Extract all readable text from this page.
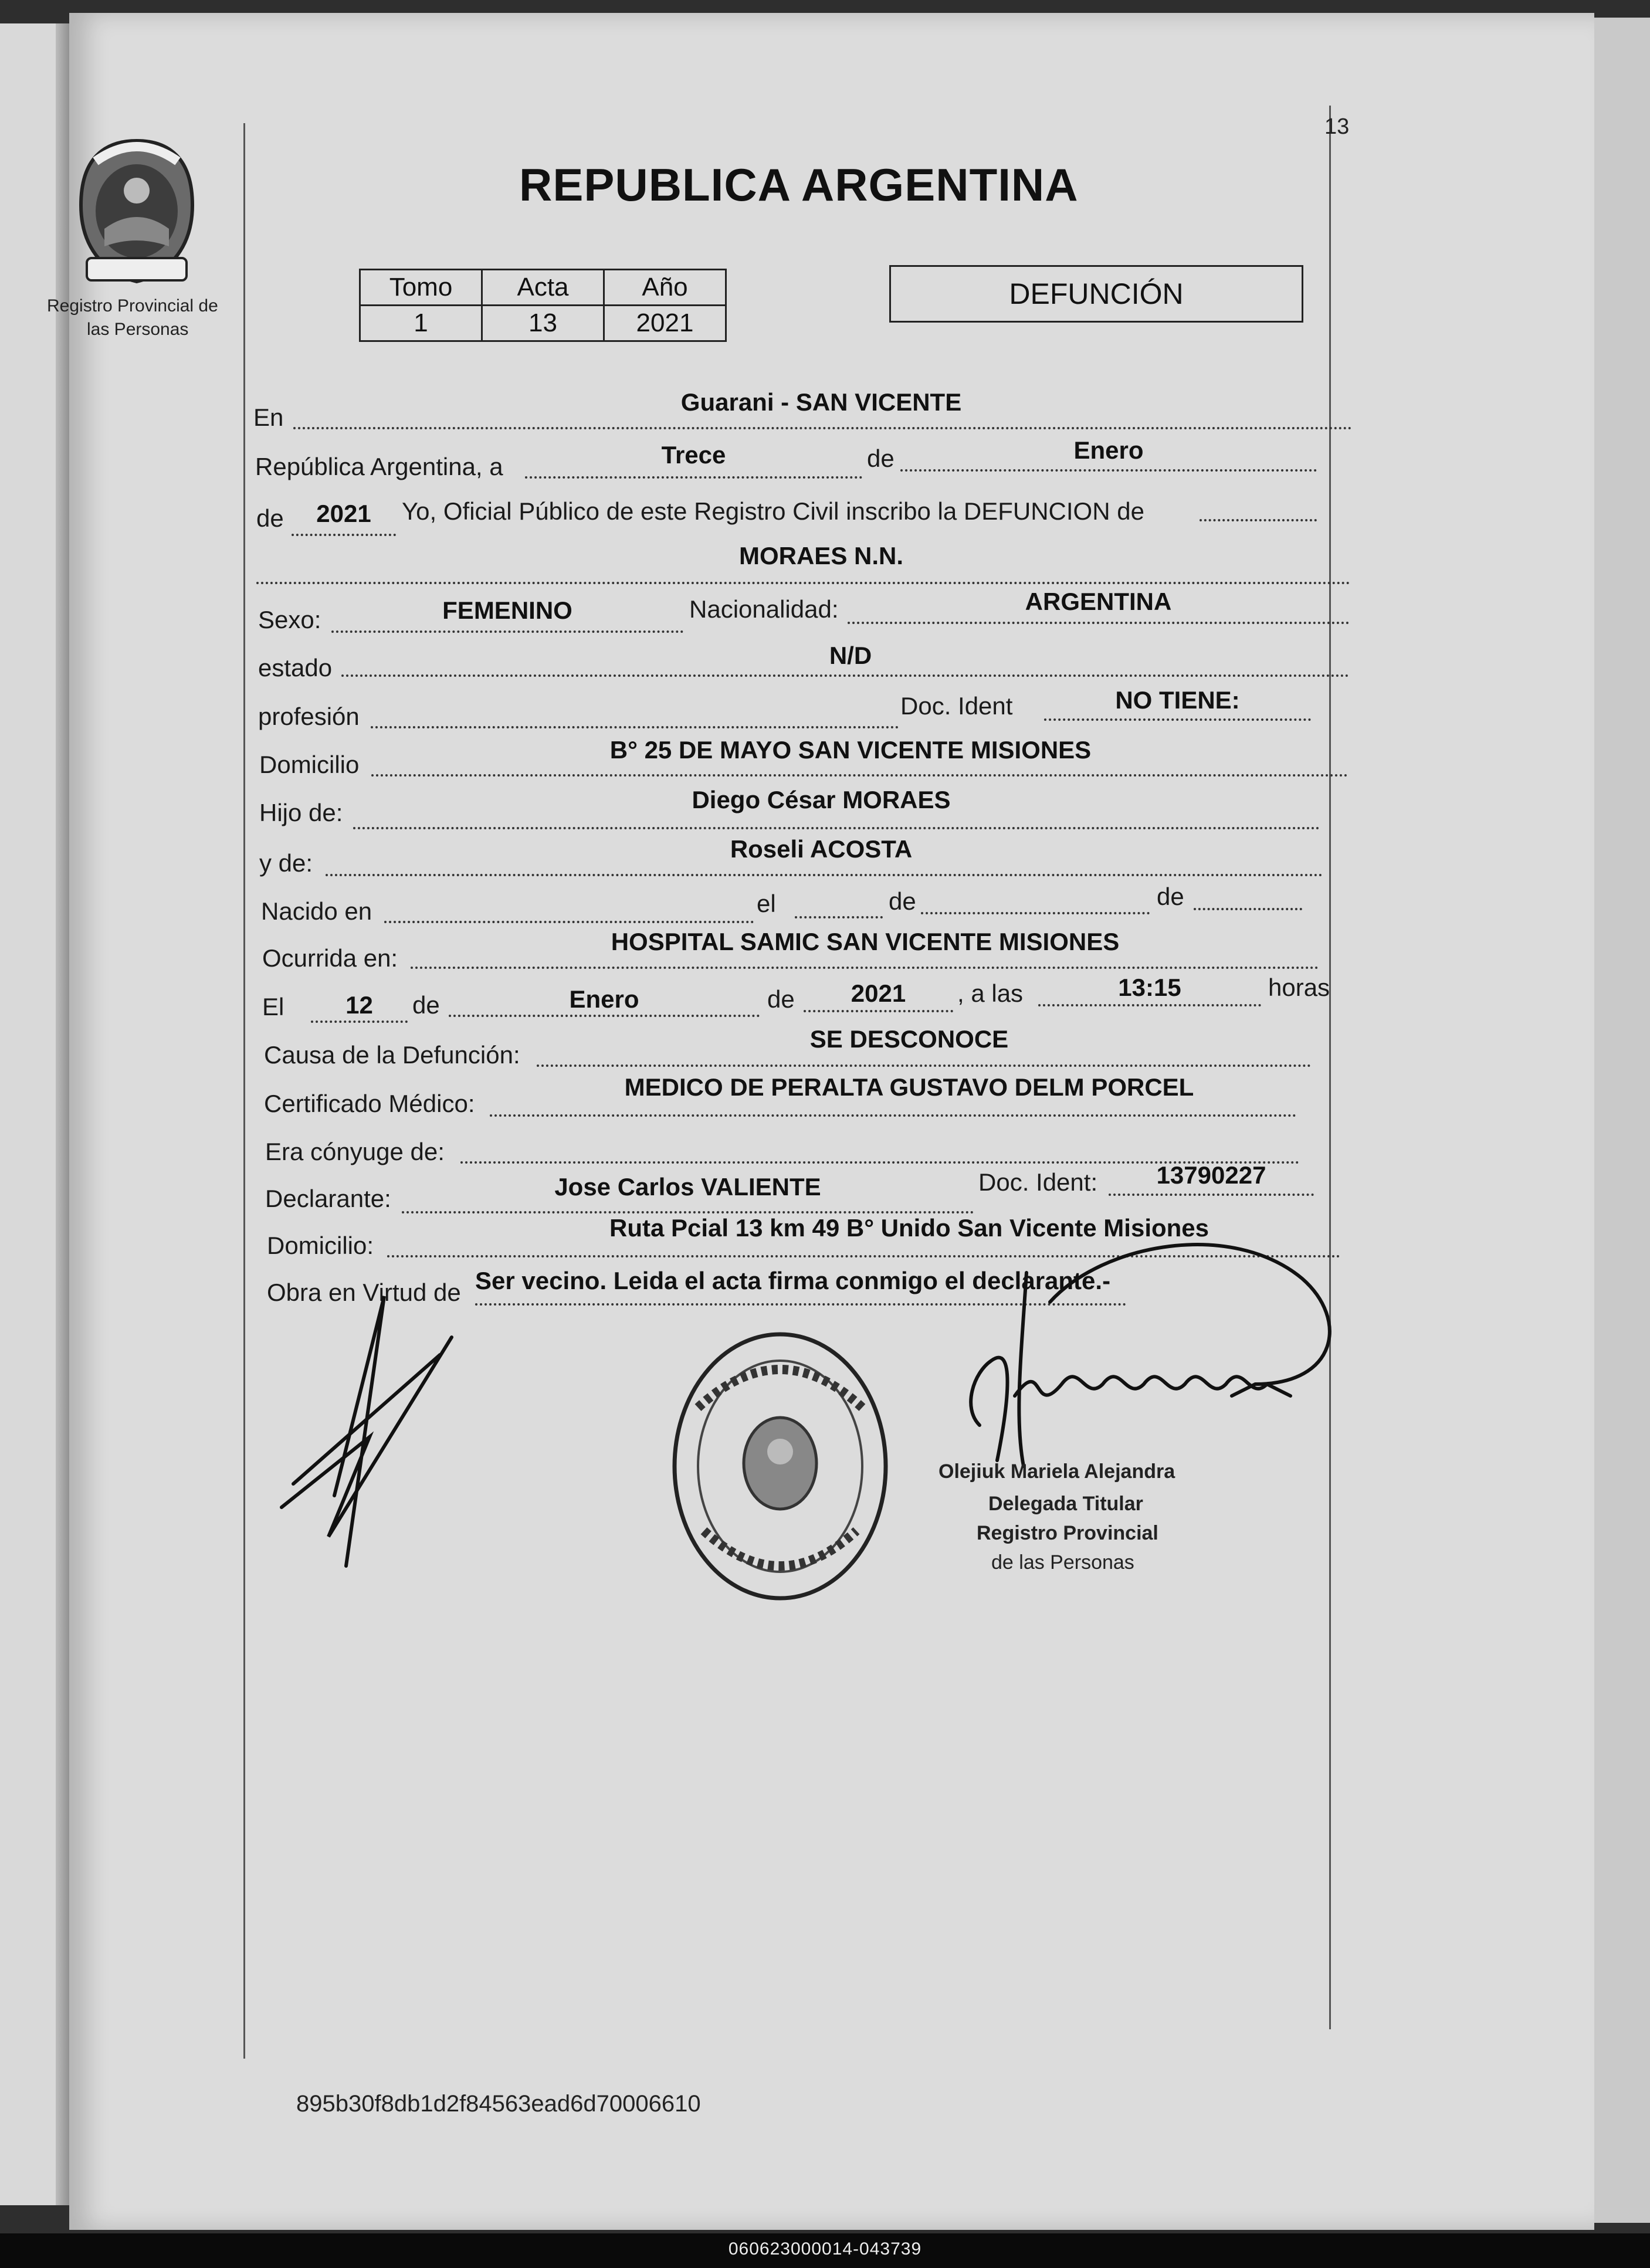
13
Registro Provincial de
las Personas
REPUBLICA ARGENTINA
Tomo	Acta	Año
1	13	2021
DEFUNCIÓN
En
Guarani - SAN VICENTE
República Argentina, a	Trece	de	Enero
de	2021	Yo, Oficial Público de este Registro Civil inscribo la DEFUNCION de
MORAES N.N.
Sexo:	FEMENINO	Nacionalidad:	ARGENTINA
estado	N/D
profesión	Doc. Ident	NO TIENE:
Domicilio
B° 25 DE MAYO SAN VICENTE MISIONES
Hijo de:	Diego César MORAES
y de:
Roseli ACOSTA
Nacido en	el	de	de
Ocurrida en:
HOSPITAL SAMIC SAN VICENTE MISIONES
El	12	de	Enero	de	2021	, a las	13:15	horas
Causa de la Defunción:
SE DESCONOCE
Certificado Médico:
MEDICO DE PERALTA GUSTAVO DELM PORCEL
Era cónyuge de:
Declarante:	Jose Carlos VALIENTE	Doc. Ident:	13790227
Domicilio:
Ruta Pcial 13 km 49 B° Unido San Vicente Misiones
Obra en Virtud de Ser vecino. Leida el acta firma conmigo el declarante.-
Olejiuk Mariela Alejandra
Delegada Titular
Registro Provincial
de las Personas
895b30f8db1d2f84563ead6d70006610
060623000014-043739
